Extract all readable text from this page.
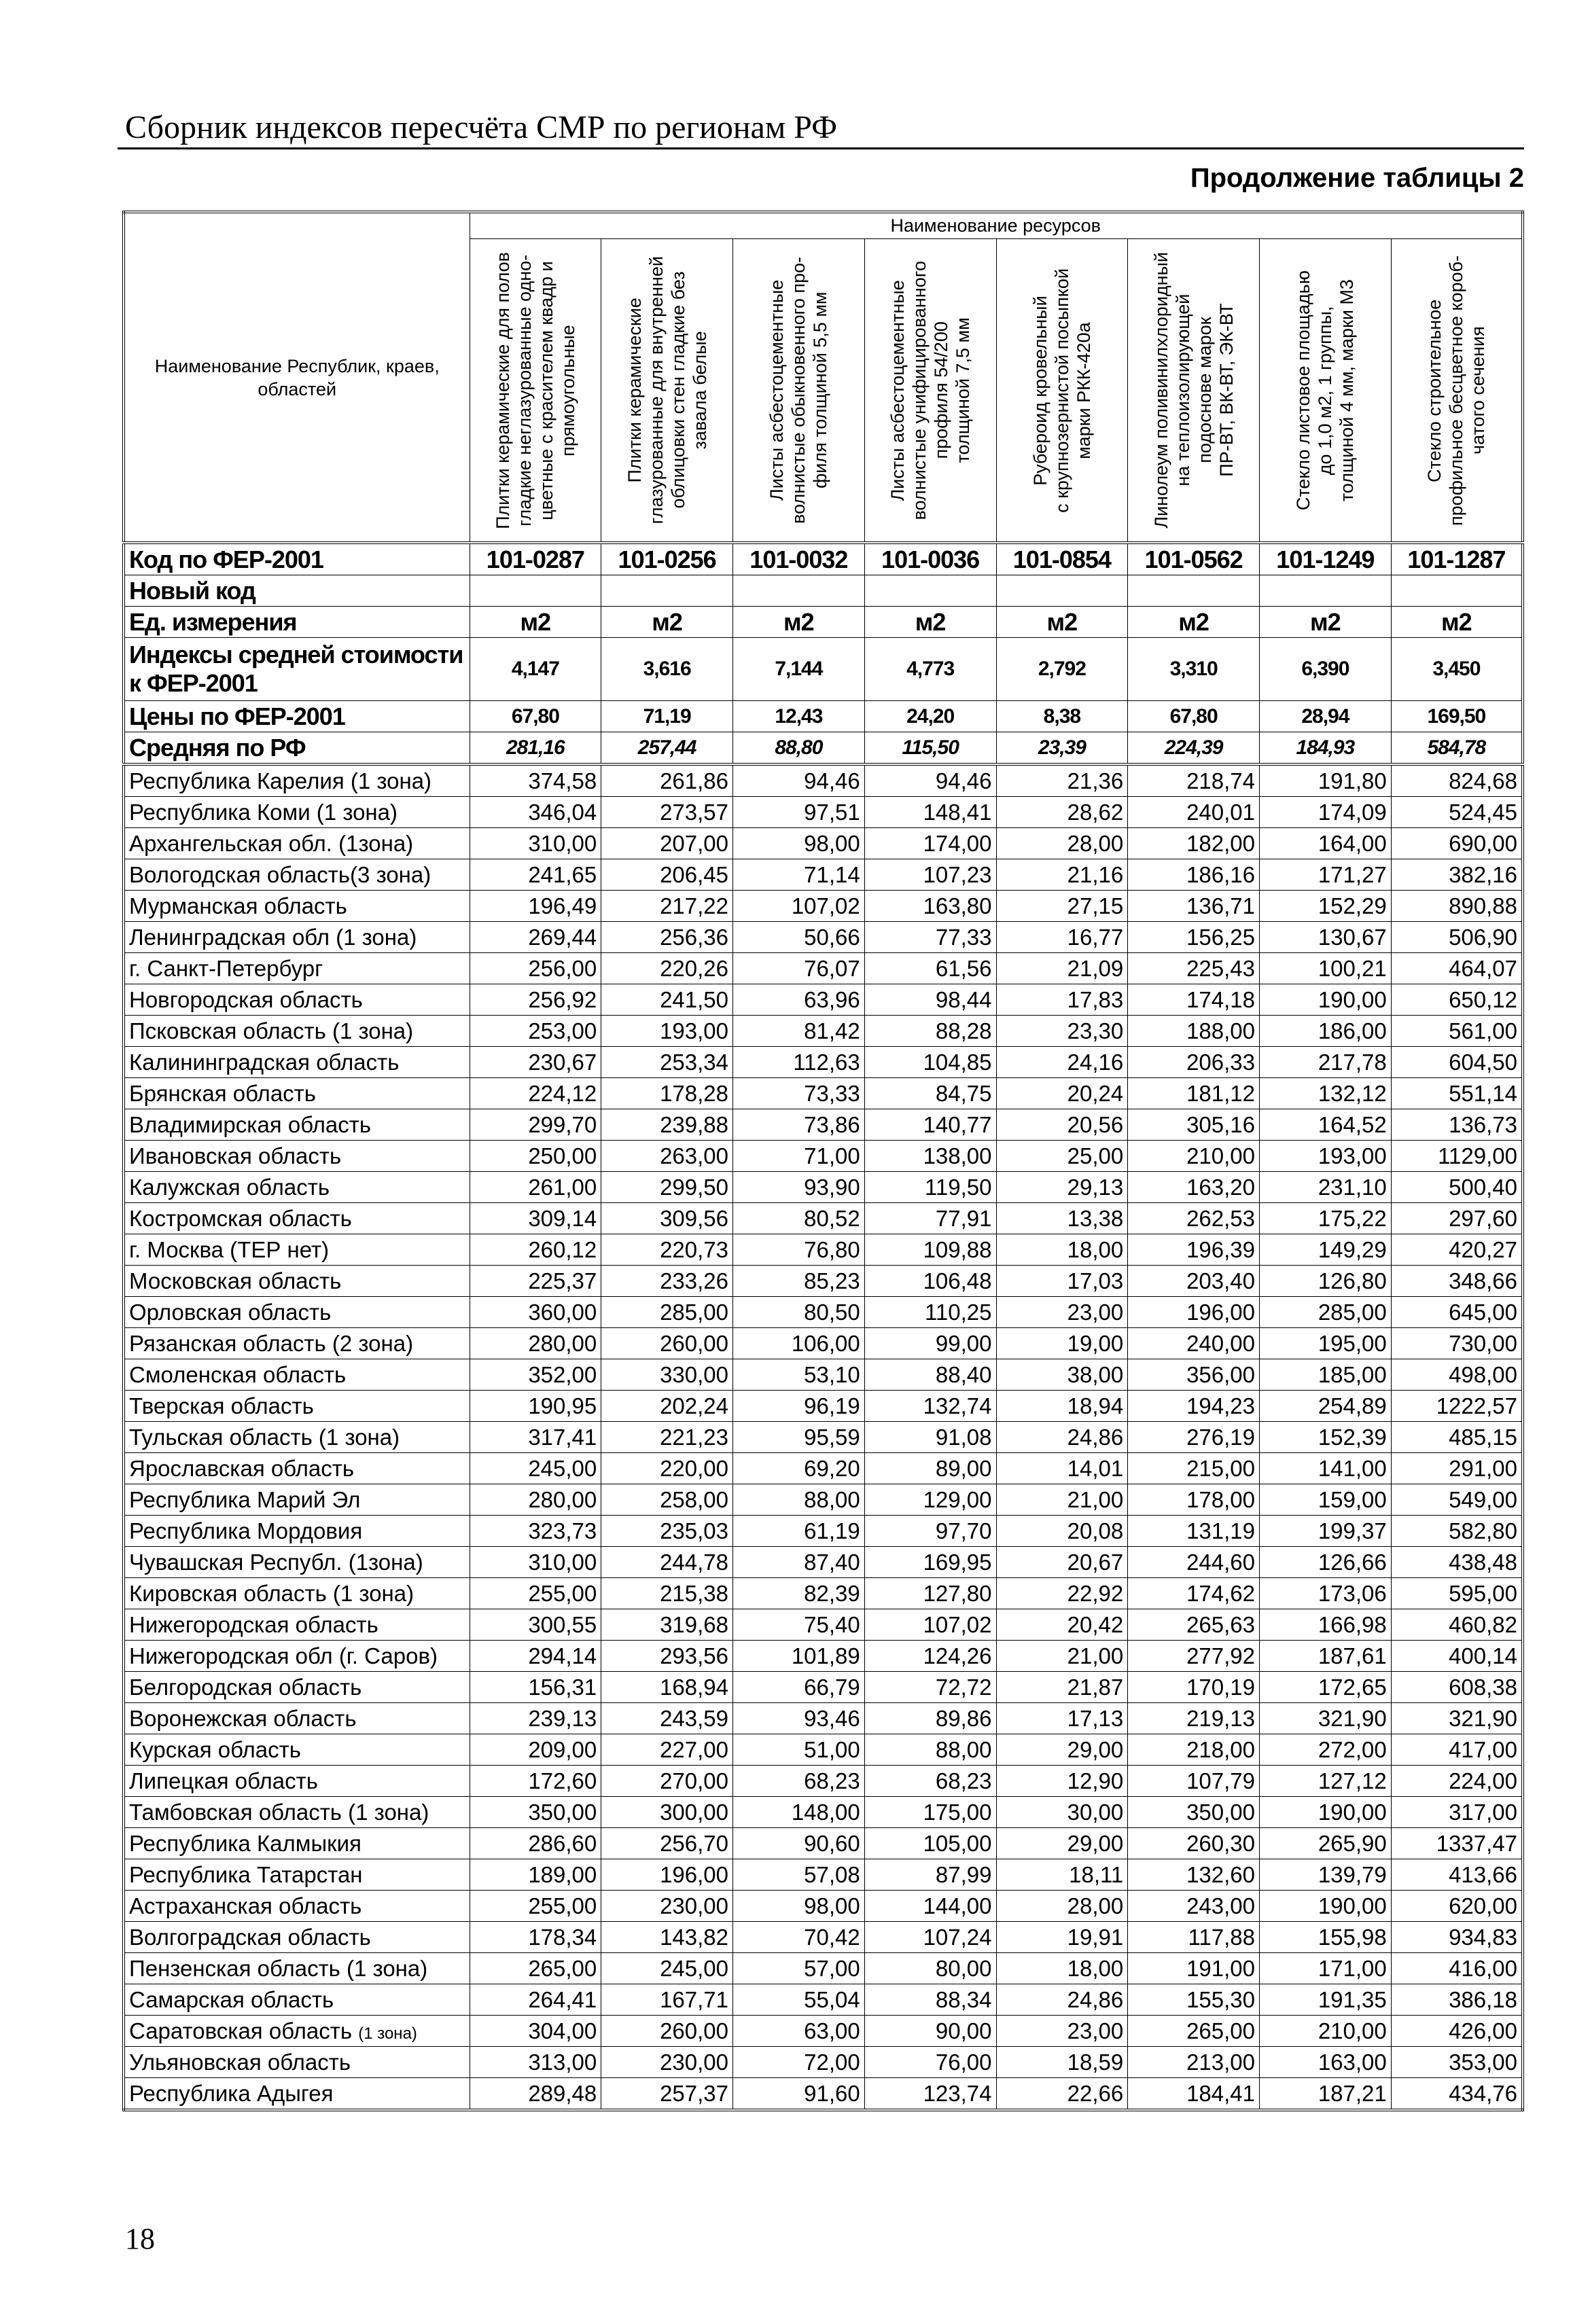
Сборник индексов пересчёта СМР по регионам РФ
Продолжение таблицы 2
Наименование Республик, краев, областей	Наименование ресурсов							

	Плитки керамические для полов
гладкие неглазурованные одно-
цветные с красителем квадр и
прямоугольные	Плитки керамические
глазурованные для внутренней
облицовки стен гладкие без
завала белые	Листы асбестоцементные
волнистые обыкновенного про-
филя толщиной 5,5 мм	Листы асбестоцементные
волнистые унифицированного
профиля 54/200
толщиной 7,5 мм	Рубероид кровельный
с крупнозернистой посыпкой
марки РКК-420а	Линолеум поливинилхлоридный
на теплоизолирующей
подоснове марок
ПР-ВТ, ВК-ВТ, ЭК-ВТ	Стекло листовое площадью
до 1,0 м2, 1 группы,
толщиной 4 мм, марки М3	Стекло строительное
профильное бесцветное короб-
чатого сечения

Код по ФЕР-2001	101-0287	101-0256	101-0032	101-0036	101-0854	101-0562	101-1249	101-1287
Новый код								
Ед. измерения	м2	м2	м2	м2	м2	м2	м2	м2
Индексы средней стоимости к ФЕР-2001	4,147	3,616	7,144	4,773	2,792	3,310	6,390	3,450
Цены по ФЕР-2001	67,80	71,19	12,43	24,20	8,38	67,80	28,94	169,50
Средняя по РФ	281,16	257,44	88,80	115,50	23,39	224,39	184,93	584,78
Республика Карелия (1 зона)	374,58	261,86	94,46	94,46	21,36	218,74	191,80	824,68
Республика Коми (1 зона)	346,04	273,57	97,51	148,41	28,62	240,01	174,09	524,45
Архангельская обл. (1зона)	310,00	207,00	98,00	174,00	28,00	182,00	164,00	690,00
Вологодская область(3 зона)	241,65	206,45	71,14	107,23	21,16	186,16	171,27	382,16
Мурманская область	196,49	217,22	107,02	163,80	27,15	136,71	152,29	890,88
Ленинградская обл (1 зона)	269,44	256,36	50,66	77,33	16,77	156,25	130,67	506,90
г. Санкт-Петербург	256,00	220,26	76,07	61,56	21,09	225,43	100,21	464,07
Новгородская область	256,92	241,50	63,96	98,44	17,83	174,18	190,00	650,12
Псковская область (1 зона)	253,00	193,00	81,42	88,28	23,30	188,00	186,00	561,00
Калининградская область	230,67	253,34	112,63	104,85	24,16	206,33	217,78	604,50
Брянская область	224,12	178,28	73,33	84,75	20,24	181,12	132,12	551,14
Владимирская область	299,70	239,88	73,86	140,77	20,56	305,16	164,52	136,73
Ивановская область	250,00	263,00	71,00	138,00	25,00	210,00	193,00	1129,00
Калужская область	261,00	299,50	93,90	119,50	29,13	163,20	231,10	500,40
Костромская область	309,14	309,56	80,52	77,91	13,38	262,53	175,22	297,60
г. Москва (ТЕР нет)	260,12	220,73	76,80	109,88	18,00	196,39	149,29	420,27
Московская область	225,37	233,26	85,23	106,48	17,03	203,40	126,80	348,66
Орловская область	360,00	285,00	80,50	110,25	23,00	196,00	285,00	645,00
Рязанская область (2 зона)	280,00	260,00	106,00	99,00	19,00	240,00	195,00	730,00
Смоленская область	352,00	330,00	53,10	88,40	38,00	356,00	185,00	498,00
Тверская область	190,95	202,24	96,19	132,74	18,94	194,23	254,89	1222,57
Тульская область (1 зона)	317,41	221,23	95,59	91,08	24,86	276,19	152,39	485,15
Ярославская область	245,00	220,00	69,20	89,00	14,01	215,00	141,00	291,00
Республика Марий Эл	280,00	258,00	88,00	129,00	21,00	178,00	159,00	549,00
Республика Мордовия	323,73	235,03	61,19	97,70	20,08	131,19	199,37	582,80
Чувашская Республ. (1зона)	310,00	244,78	87,40	169,95	20,67	244,60	126,66	438,48
Кировская область (1 зона)	255,00	215,38	82,39	127,80	22,92	174,62	173,06	595,00
Нижегородская область	300,55	319,68	75,40	107,02	20,42	265,63	166,98	460,82
Нижегородская обл (г. Саров)	294,14	293,56	101,89	124,26	21,00	277,92	187,61	400,14
Белгородская область	156,31	168,94	66,79	72,72	21,87	170,19	172,65	608,38
Воронежская область	239,13	243,59	93,46	89,86	17,13	219,13	321,90	321,90
Курская область	209,00	227,00	51,00	88,00	29,00	218,00	272,00	417,00
Липецкая область	172,60	270,00	68,23	68,23	12,90	107,79	127,12	224,00
Тамбовская область (1 зона)	350,00	300,00	148,00	175,00	30,00	350,00	190,00	317,00
Республика Калмыкия	286,60	256,70	90,60	105,00	29,00	260,30	265,90	1337,47
Республика Татарстан	189,00	196,00	57,08	87,99	18,11	132,60	139,79	413,66
Астраханская область	255,00	230,00	98,00	144,00	28,00	243,00	190,00	620,00
Волгоградская область	178,34	143,82	70,42	107,24	19,91	117,88	155,98	934,83
Пензенская область (1 зона)	265,00	245,00	57,00	80,00	18,00	191,00	171,00	416,00
Самарская область	264,41	167,71	55,04	88,34	24,86	155,30	191,35	386,18
Саратовская область (1 зона)	304,00	260,00	63,00	90,00	23,00	265,00	210,00	426,00
Ульяновская область	313,00	230,00	72,00	76,00	18,59	213,00	163,00	353,00
Республика Адыгея	289,48	257,37	91,60	123,74	22,66	184,41	187,21	434,76
18
